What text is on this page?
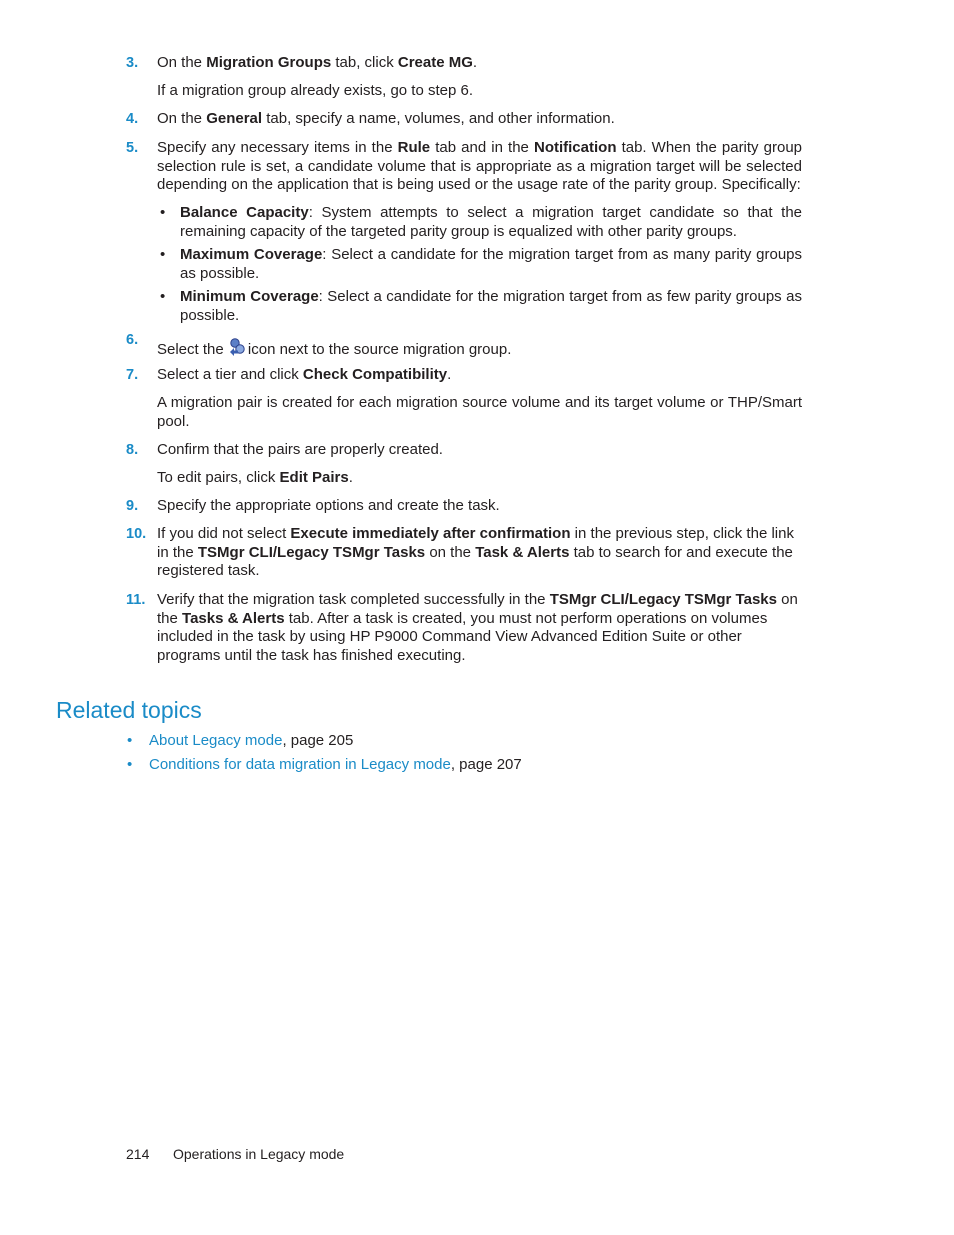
3. On the Migration Groups tab, click Create MG.
If a migration group already exists, go to step 6.
4. On the General tab, specify a name, volumes, and other information.
5. Specify any necessary items in the Rule tab and in the Notification tab. When the parity group selection rule is set, a candidate volume that is appropriate as a migration target will be selected depending on the application that is being used or the usage rate of the parity group. Specifically:
• Balance Capacity: System attempts to select a migration target candidate so that the remaining capacity of the targeted parity group is equalized with other parity groups.
• Maximum Coverage: Select a candidate for the migration target from as many parity groups as possible.
• Minimum Coverage: Select a candidate for the migration target from as few parity groups as possible.
6.
Select the icon next to the source migration group.
7. Select a tier and click Check Compatibility.
A migration pair is created for each migration source volume and its target volume or THP/Smart pool.
8. Confirm that the pairs are properly created.
To edit pairs, click Edit Pairs.
9. Specify the appropriate options and create the task.
10. If you did not select Execute immediately after confirmation in the previous step, click the link in the TSMgr CLI/Legacy TSMgr Tasks on the Task & Alerts tab to search for and execute the registered task.
11. Verify that the migration task completed successfully in the TSMgr CLI/Legacy TSMgr Tasks on the Tasks & Alerts tab. After a task is created, you must not perform operations on volumes included in the task by using HP P9000 Command View Advanced Edition Suite or other programs until the task has finished executing.
Related topics
• About Legacy mode, page 205
• Conditions for data migration in Legacy mode, page 207
214 Operations in Legacy mode
